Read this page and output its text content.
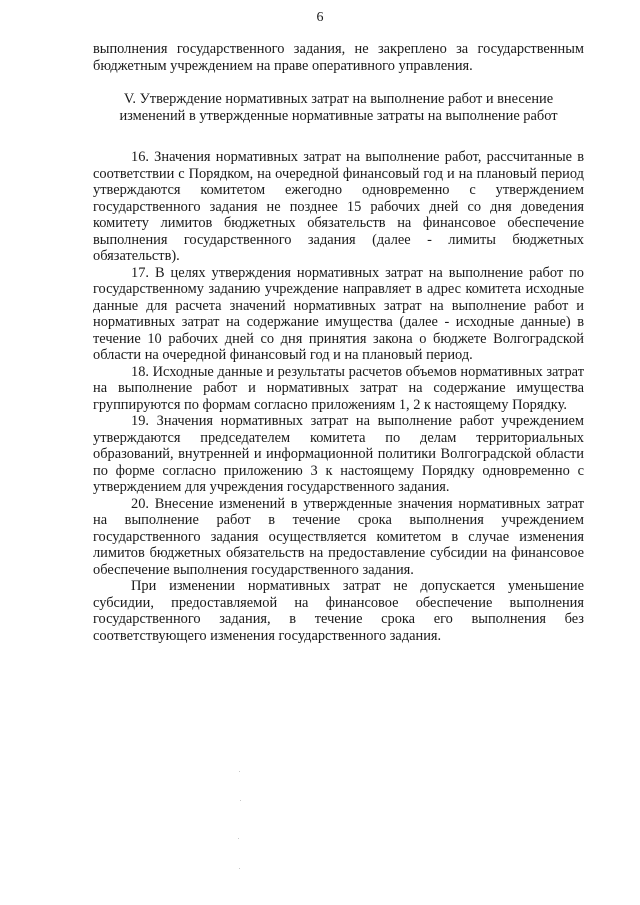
6

выполнения государственного задания, не закреплено за государственным бюджетным учреждением на праве оперативного управления.

V. Утверждение нормативных затрат на выполнение работ и внесение
изменений в утвержденные нормативные затраты на выполнение работ

16. Значения нормативных затрат на выполнение работ, рассчитанные в соответствии с Порядком, на очередной финансовый год и на плановый период утверждаются комитетом ежегодно одновременно с утверждением государственного задания не позднее 15 рабочих дней со дня доведения комитету лимитов бюджетных обязательств на финансовое обеспечение выполнения государственного задания (далее - лимиты бюджетных обязательств).

17. В целях утверждения нормативных затрат на выполнение работ по государственному заданию учреждение направляет в адрес комитета исходные данные для расчета значений нормативных затрат на выполнение работ и нормативных затрат на содержание имущества (далее - исходные данные) в течение 10 рабочих дней со дня принятия закона о бюджете Волгоградской области на очередной финансовый год и на плановый период.

18. Исходные данные и результаты расчетов объемов нормативных затрат на выполнение работ и нормативных затрат на содержание имущества группируются по формам согласно приложениям 1, 2 к настоящему Порядку.

19. Значения нормативных затрат на выполнение работ учреждением утверждаются председателем комитета по делам территориальных образований, внутренней и информационной политики Волгоградской области по форме согласно приложению 3 к настоящему Порядку одновременно с утверждением для учреждения государственного задания.

20. Внесение изменений в утвержденные значения нормативных затрат на выполнение работ в течение срока выполнения учреждением государственного задания осуществляется комитетом в случае изменения лимитов бюджетных обязательств на предоставление субсидии на финансовое обеспечение выполнения государственного задания.

При изменении нормативных затрат не допускается уменьшение субсидии, предоставляемой на финансовое обеспечение выполнения государственного задания, в течение срока его выполнения без соответствующего изменения государственного задания.
